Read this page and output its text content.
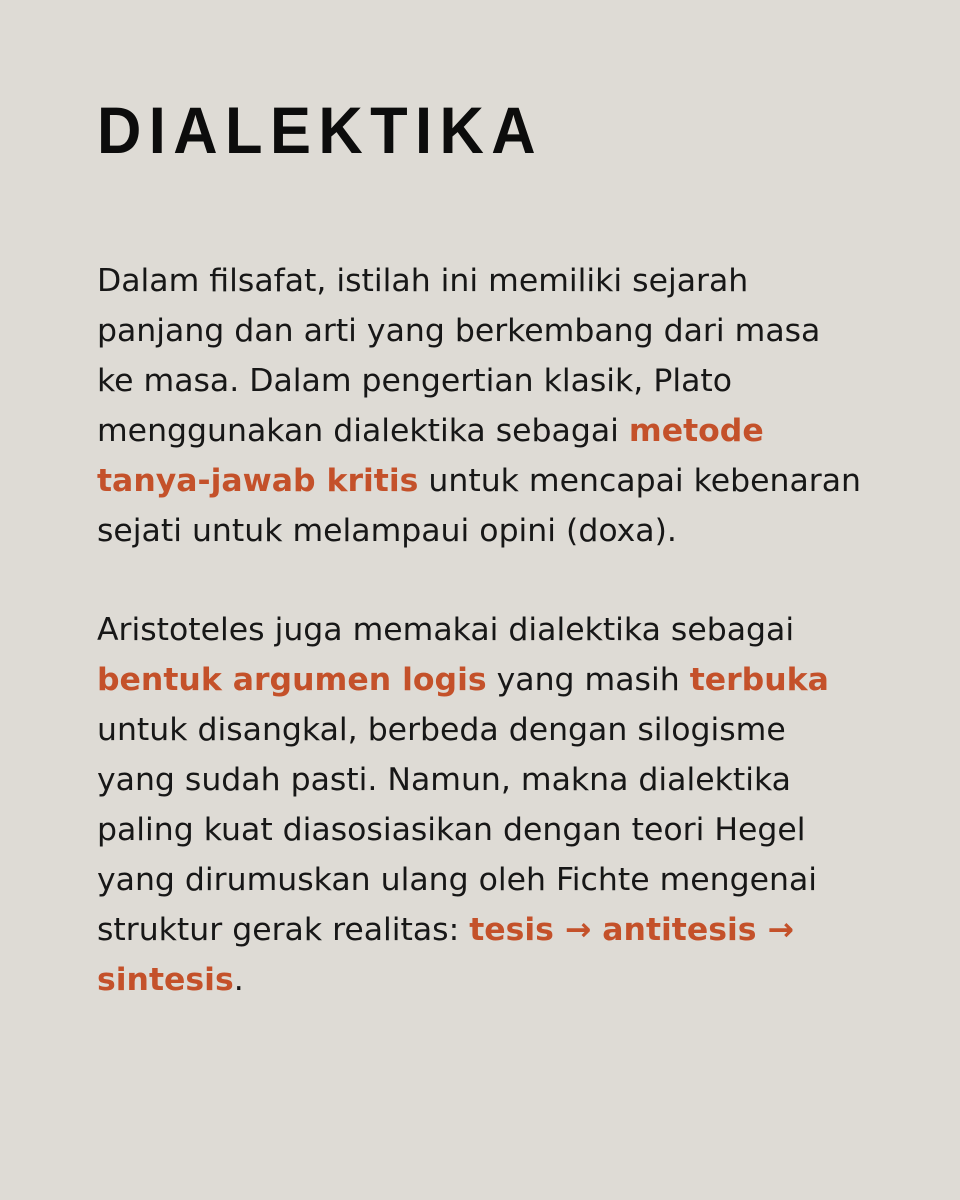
DIALEKTIKA

Dalam filsafat, istilah ini memiliki sejarah panjang dan arti yang berkembang dari masa ke masa. Dalam pengertian klasik, Plato menggunakan dialektika sebagai metode tanya-jawab kritis untuk mencapai kebenaran sejati untuk melampaui opini (doxa).

Aristoteles juga memakai dialektika sebagai bentuk argumen logis yang masih terbuka untuk disangkal, berbeda dengan silogisme yang sudah pasti. Namun, makna dialektika paling kuat diasosiasikan dengan teori Hegel yang dirumuskan ulang oleh Fichte mengenai struktur gerak realitas: tesis → antitesis → sintesis.
